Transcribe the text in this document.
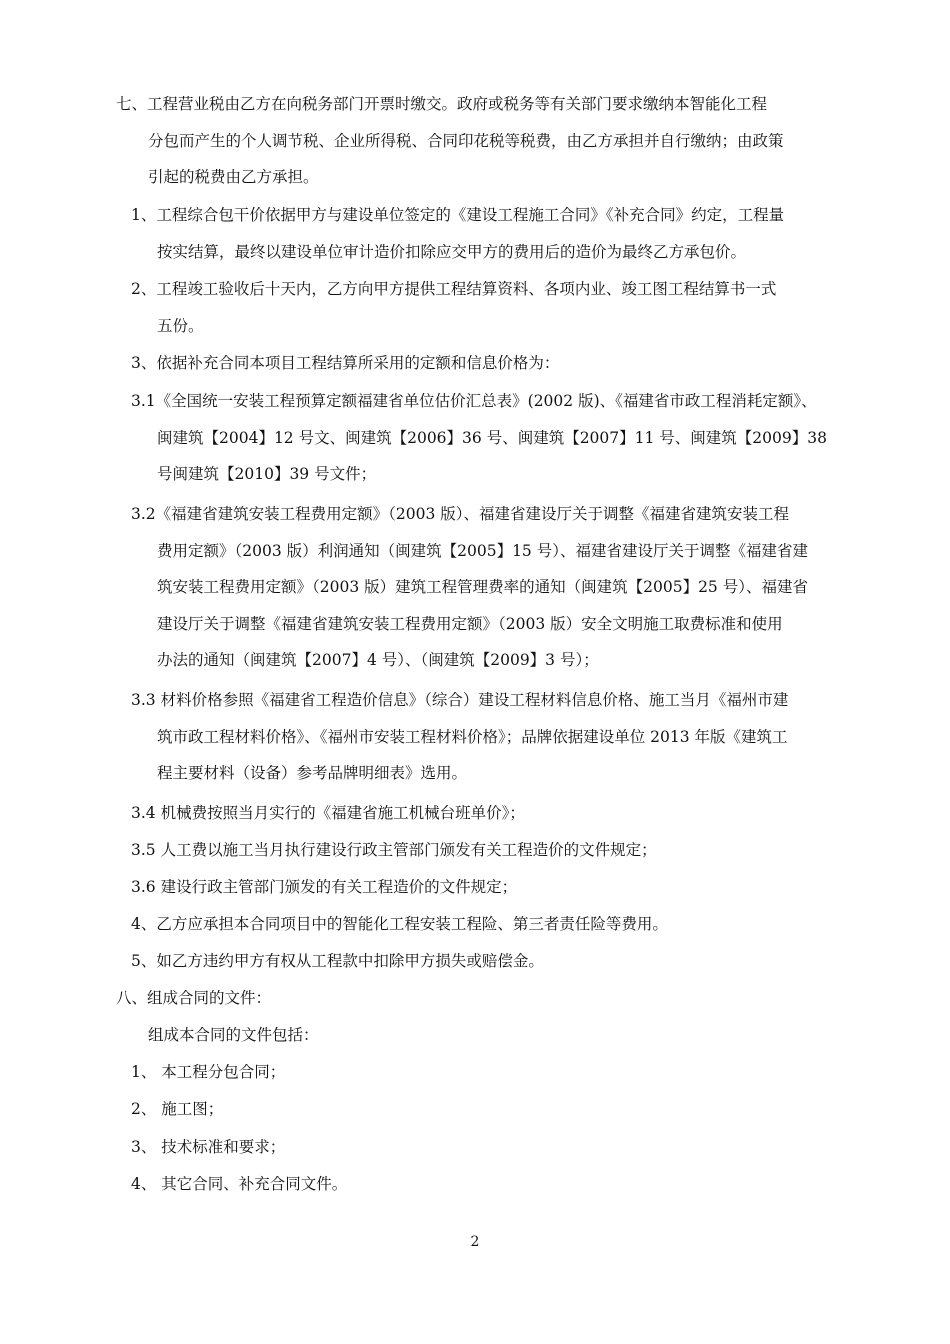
七、工程营业税由乙方在向税务部门开票时缴交。政府或税务等有关部门要求缴纳本智能化工程
分包而产生的个人调节税、企业所得税、合同印花税等税费，由乙方承担并自行缴纳；由政策
引起的税费由乙方承担。
1、工程综合包干价依据甲方与建设单位签定的《建设工程施工合同》《补充合同》约定，工程量
按实结算，最终以建设单位审计造价扣除应交甲方的费用后的造价为最终乙方承包价。
2、工程竣工验收后十天内，乙方向甲方提供工程结算资料、各项内业、竣工图工程结算书一式
五份。
3、依据补充合同本项目工程结算所采用的定额和信息价格为：
3.1《全国统一安装工程预算定额福建省单位估价汇总表》(2002 版)、《福建省市政工程消耗定额》、
闽建筑【2004】12 号文、闽建筑【2006】36 号、闽建筑【2007】11 号、闽建筑【2009】38
号闽建筑【2010】39 号文件；
3.2《福建省建筑安装工程费用定额》（2003 版）、福建省建设厅关于调整《福建省建筑安装工程
费用定额》（2003 版）利润通知（闽建筑【2005】15 号）、福建省建设厅关于调整《福建省建
筑安装工程费用定额》（2003 版）建筑工程管理费率的通知（闽建筑【2005】25 号）、福建省
建设厅关于调整《福建省建筑安装工程费用定额》（2003 版）安全文明施工取费标准和使用
办法的通知（闽建筑【2007】4 号）、（闽建筑【2009】3 号）；
3.3 材料价格参照《福建省工程造价信息》（综合）建设工程材料信息价格、施工当月《福州市建
筑市政工程材料价格》、《福州市安装工程材料价格》；品牌依据建设单位 2013 年版《建筑工
程主要材料（设备）参考品牌明细表》选用。
3.4 机械费按照当月实行的《福建省施工机械台班单价》；
3.5 人工费以施工当月执行建设行政主管部门颁发有关工程造价的文件规定；
3.6 建设行政主管部门颁发的有关工程造价的文件规定；
4、乙方应承担本合同项目中的智能化工程安装工程险、第三者责任险等费用。
5、如乙方违约甲方有权从工程款中扣除甲方损失或赔偿金。
八、组成合同的文件：
组成本合同的文件包括：
1、 本工程分包合同；
2、 施工图；
3、 技术标准和要求；
4、 其它合同、补充合同文件。
2
